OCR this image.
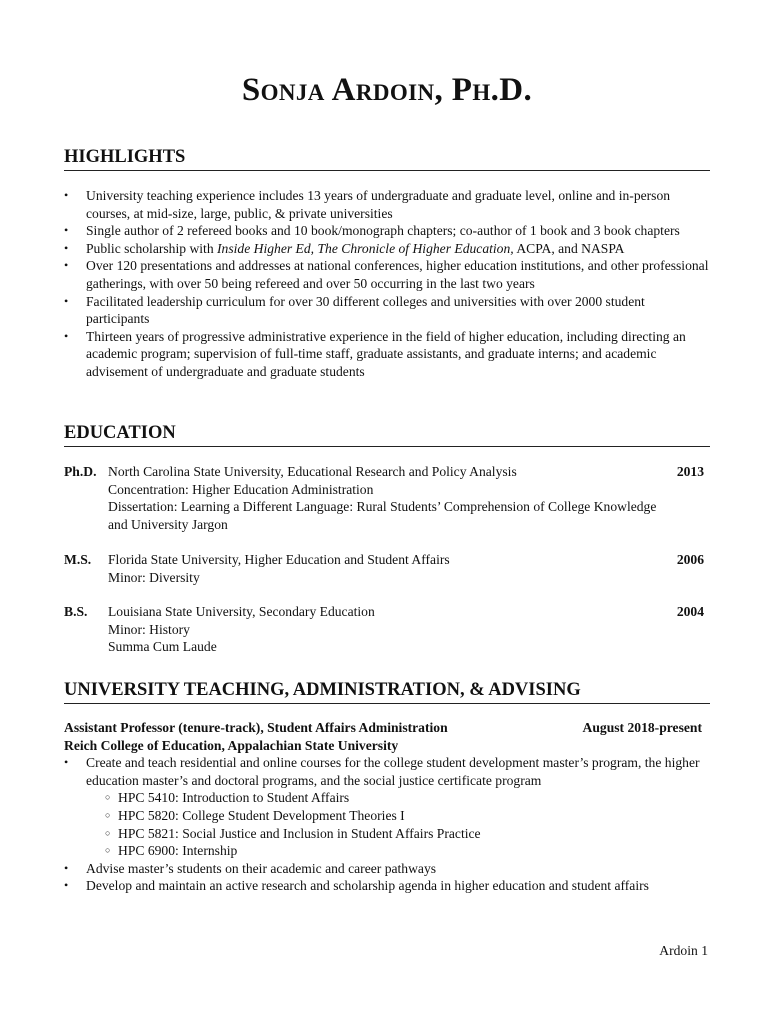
Sonja Ardoin, Ph.D.
HIGHLIGHTS
• University teaching experience includes 13 years of undergraduate and graduate level, online and in-person courses, at mid-size, large, public, & private universities
• Single author of 2 refereed books and 10 book/monograph chapters; co-author of 1 book and 3 book chapters
• Public scholarship with Inside Higher Ed, The Chronicle of Higher Education, ACPA, and NASPA
• Over 120 presentations and addresses at national conferences, higher education institutions, and other professional gatherings, with over 50 being refereed and over 50 occurring in the last two years
• Facilitated leadership curriculum for over 30 different colleges and universities with over 2000 student participants
• Thirteen years of progressive administrative experience in the field of higher education, including directing an academic program; supervision of full-time staff, graduate assistants, and graduate interns; and academic advisement of undergraduate and graduate students
EDUCATION
Ph.D. North Carolina State University, Educational Research and Policy Analysis
Concentration: Higher Education Administration
Dissertation: Learning a Different Language: Rural Students’ Comprehension of College Knowledge and University Jargon
2013
M.S. Florida State University, Higher Education and Student Affairs
Minor: Diversity
2006
B.S. Louisiana State University, Secondary Education
Minor: History
Summa Cum Laude
2004
UNIVERSITY TEACHING, ADMINISTRATION, & ADVISING
Assistant Professor (tenure-track), Student Affairs Administration	August 2018-present
Reich College of Education, Appalachian State University
• Create and teach residential and online courses for the college student development master’s program, the higher education master’s and doctoral programs, and the social justice certificate program
○ HPC 5410: Introduction to Student Affairs
○ HPC 5820: College Student Development Theories I
○ HPC 5821: Social Justice and Inclusion in Student Affairs Practice
○ HPC 6900: Internship
• Advise master’s students on their academic and career pathways
• Develop and maintain an active research and scholarship agenda in higher education and student affairs
Ardoin 1
